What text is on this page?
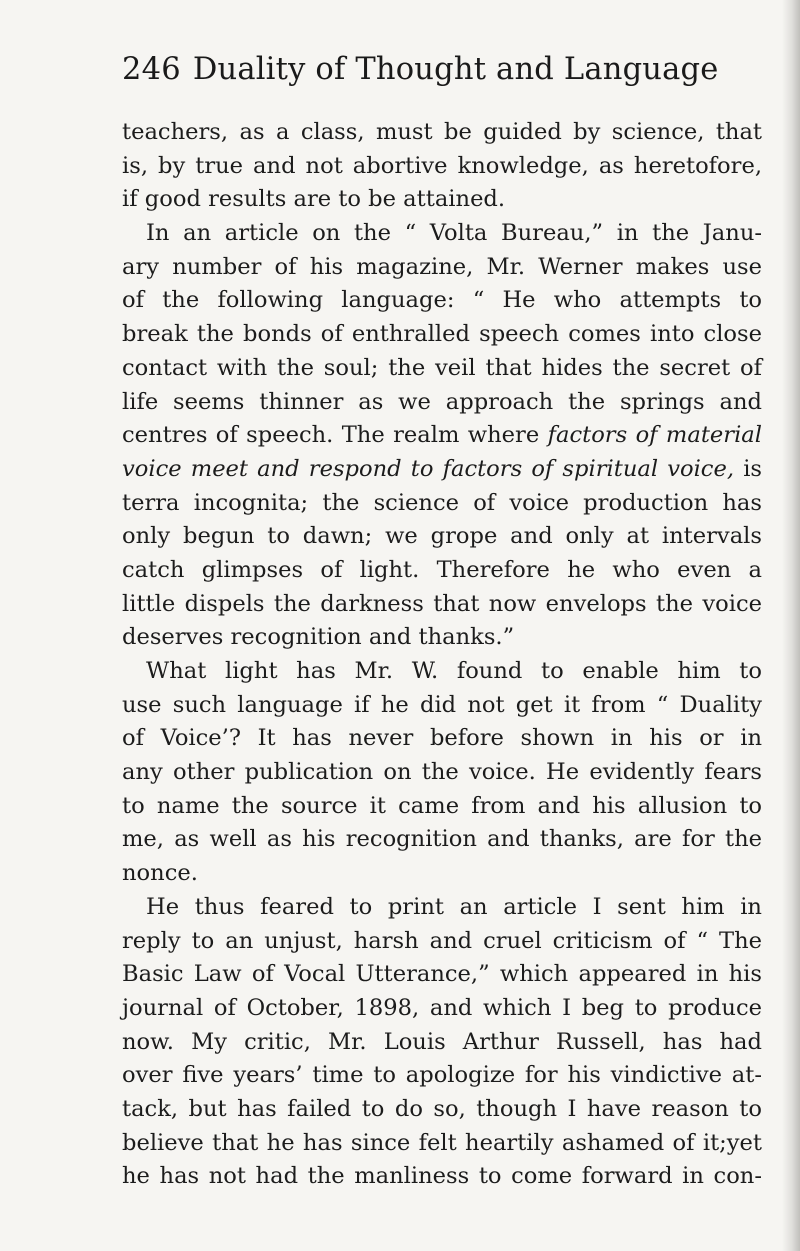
246 Duality of Thought and Language
teachers, as a class, must be guided by science, that
is, by true and not abortive knowledge, as heretofore,
if good results are to be attained.
In an article on the “ Volta Bureau,” in the Janu-
ary number of his magazine, Mr. Werner makes use
of the following language: “ He who attempts to
break the bonds of enthralled speech comes into close
contact with the soul; the veil that hides the secret of
life seems thinner as we approach the springs and
centres of speech. The realm where factors of material
voice meet and respond to factors of spiritual voice, is
terra incognita; the science of voice production has
only begun to dawn; we grope and only at intervals
catch glimpses of light. Therefore he who even a
little dispels the darkness that now envelops the voice
deserves recognition and thanks.”
What light has Mr. W. found to enable him to
use such language if he did not get it from “ Duality
of Voice’? It has never before shown in his or in
any other publication on the voice. He evidently fears
to name the source it came from and his allusion to
me, as well as his recognition and thanks, are for the
nonce.
He thus feared to print an article I sent him in
reply to an unjust, harsh and cruel criticism of “ The
Basic Law of Vocal Utterance,” which appeared in his
journal of October, 1898, and which I beg to produce
now. My critic, Mr. Louis Arthur Russell, has had
over five years’ time to apologize for his vindictive at-
tack, but has failed to do so, though I have reason to
believe that he has since felt heartily ashamed of it;yet
he has not had the manliness to come forward in con-
